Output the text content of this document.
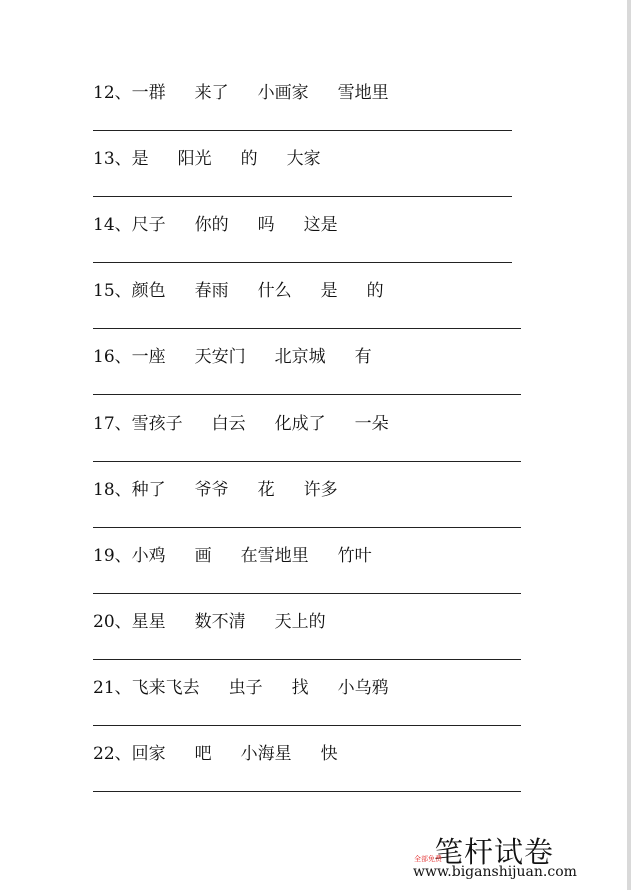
12、一群 来了 小画家 雪地里
13、是 阳光 的 大家
14、尺子 你的 吗 这是
15、颜色 春雨 什么 是 的
16、一座 天安门 北京城 有
17、雪孩子 白云 化成了 一朵
18、种了 爷爷 花 许多
19、小鸡 画 在雪地里 竹叶
20、星星 数不清 天上的
21、飞来飞去 虫子 找 小乌鸦
22、回家 吧 小海星 快
笔杆试卷
全部免费
www.biganshijuan.com
